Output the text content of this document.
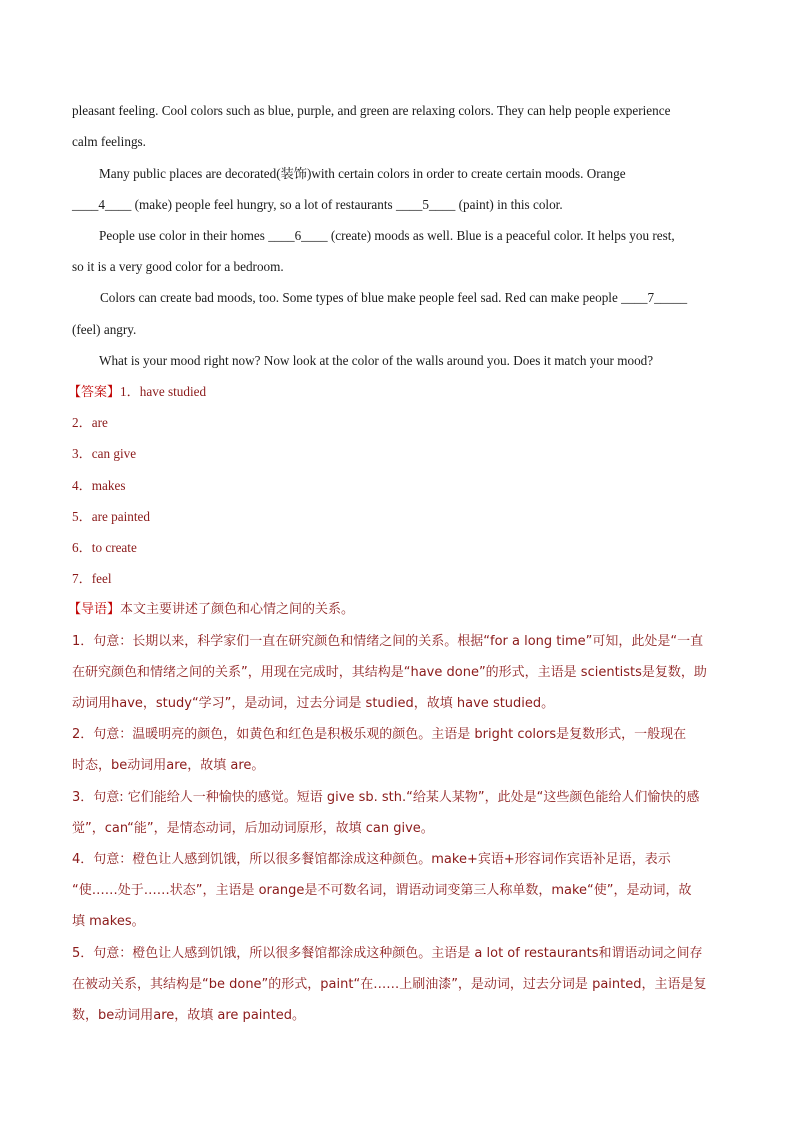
pleasant feeling. Cool colors such as blue, purple, and green are relaxing colors. They can help people experience
calm feelings.
Many public places are decorated(装饰)with certain colors in order to create certain moods. Orange
____4____ (make) people feel hungry, so a lot of restaurants ____5____ (paint) in this color.
People use color in their homes ____6____ (create) moods as well. Blue is a peaceful color. It helps you rest,
so it is a very good color for a bedroom.
Colors can create bad moods, too. Some types of blue make people feel sad. Red can make people ____7_____
(feel) angry.
What is your mood right now? Now look at the color of the walls around you. Does it match your mood?
【答案】1．have studied
2．are
3．can give
4．makes
5．are painted
6．to create
7．feel
【导语】本文主要讲述了颜色和心情之间的关系。
1．句意：长期以来，科学家们一直在研究颜色和情绪之间的关系。根据“for a long time”可知，此处是“一直
在研究颜色和情绪之间的关系”，用现在完成时，其结构是“have done”的形式，主语是 scientists是复数，助
动词用have，study“学习”，是动词，过去分词是 studied，故填 have studied。
2．句意：温暖明亮的颜色，如黄色和红色是积极乐观的颜色。主语是 bright colors是复数形式，一般现在
时态，be动词用are，故填 are。
3．句意: 它们能给人一种愉快的感觉。短语 give sb. sth.“给某人某物”，此处是“这些颜色能给人们愉快的感
觉”，can“能”，是情态动词，后加动词原形，故填 can give。
4．句意：橙色让人感到饥饿，所以很多餐馆都涂成这种颜色。make+宾语+形容词作宾语补足语，表示
“使……处于……状态”，主语是 orange是不可数名词，谓语动词变第三人称单数，make“使”，是动词，故
填 makes。
5．句意：橙色让人感到饥饿，所以很多餐馆都涂成这种颜色。主语是 a lot of restaurants和谓语动词之间存
在被动关系，其结构是“be done”的形式，paint“在……上刷油漆”，是动词，过去分词是 painted，主语是复
数，be动词用are，故填 are painted。
